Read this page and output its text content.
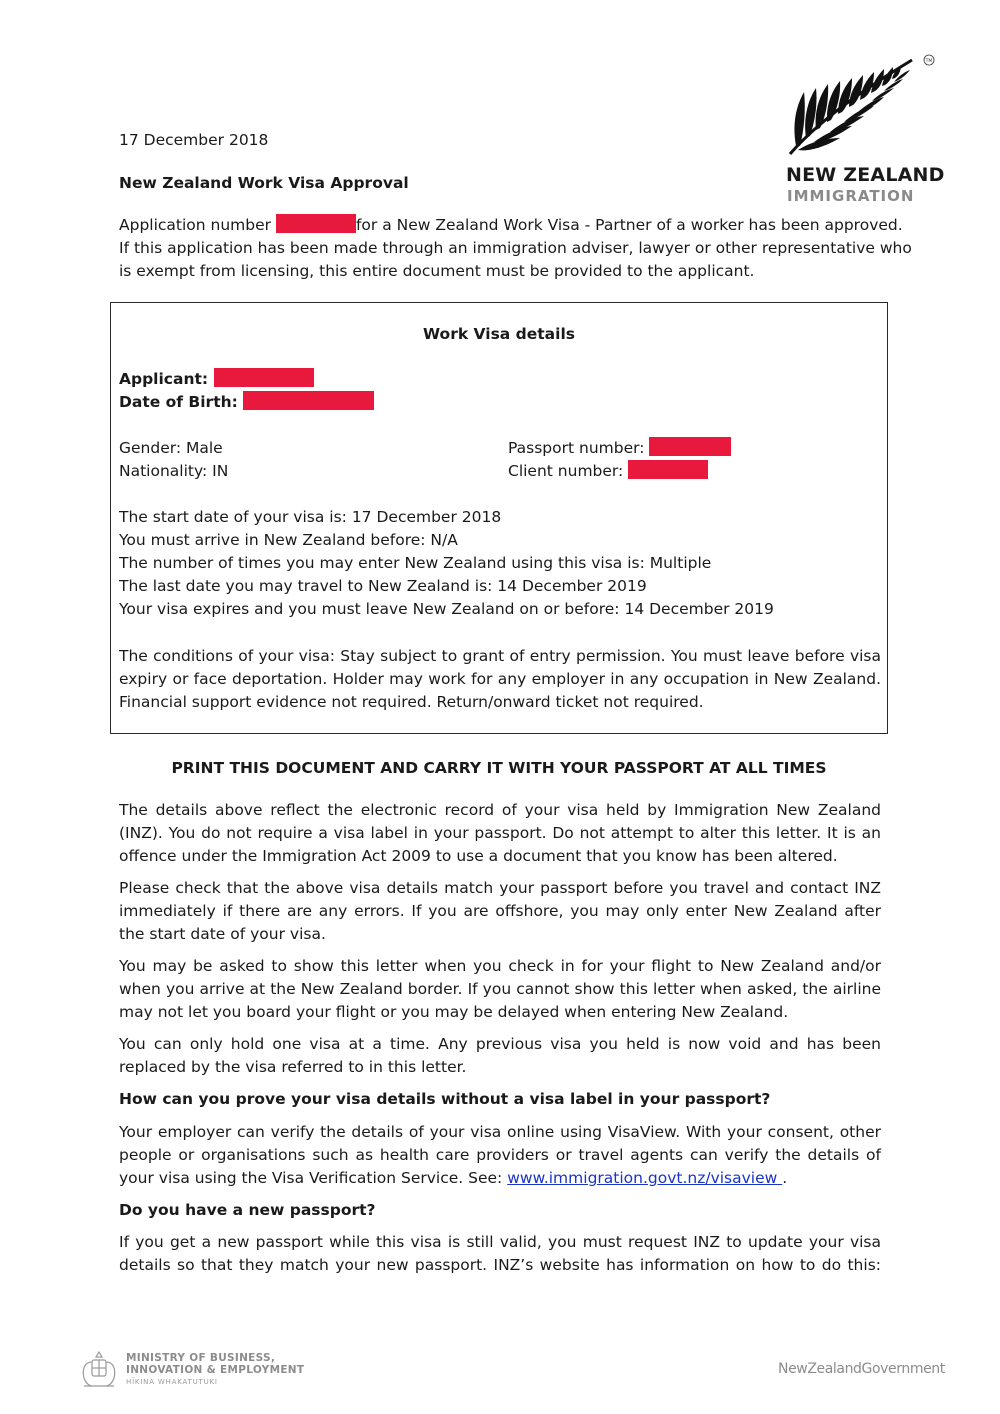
TM
NEW ZEALAND
IMMIGRATION
17 December 2018
New Zealand Work Visa Approval
Application number	for a New Zealand Work Visa - Partner of a worker has been approved.
If this application has been made through an immigration adviser, lawyer or other representative who
is exempt from licensing, this entire document must be provided to the applicant.
Work Visa details
Applicant:
Date of Birth:
Gender: Male
Nationality: IN
Passport number:
Client number:
The start date of your visa is: 17 December 2018
You must arrive in New Zealand before: N/A
The number of times you may enter New Zealand using this visa is: Multiple
The last date you may travel to New Zealand is: 14 December 2019
Your visa expires and you must leave New Zealand on or before: 14 December 2019

The conditions of your visa: Stay subject to grant of entry permission. You must leave before visa expiry or face deportation. Holder may work for any employer in any occupation in New Zealand. Financial support evidence not required. Return/onward ticket not required.

PRINT THIS DOCUMENT AND CARRY IT WITH YOUR PASSPORT AT ALL TIMES

The details above reflect the electronic record of your visa held by Immigration New Zealand (INZ). You do not require a visa label in your passport. Do not attempt to alter this letter. It is an offence under the Immigration Act 2009 to use a document that you know has been altered.

Please check that the above visa details match your passport before you travel and contact INZ immediately if there are any errors. If you are offshore, you may only enter New Zealand after the start date of your visa.

You may be asked to show this letter when you check in for your flight to New Zealand and/or when you arrive at the New Zealand border. If you cannot show this letter when asked, the airline may not let you board your flight or you may be delayed when entering New Zealand.

You can only hold one visa at a time. Any previous visa you held is now void and has been replaced by the visa referred to in this letter.

How can you prove your visa details without a visa label in your passport?

Your employer can verify the details of your visa online using VisaView. With your consent, other people or organisations such as health care providers or travel agents can verify the details of your visa using the Visa Verification Service. See: www.immigration.govt.nz/visaview .

Do you have a new passport?

If you get a new passport while this visa is still valid, you must request INZ to update your visa details so that they match your new passport. INZ’s website has information on how to do this:

MINISTRY OF BUSINESS,
INNOVATION & EMPLOYMENT
HĪKINA WHAKATUTUKI
NewZealandGovernment
